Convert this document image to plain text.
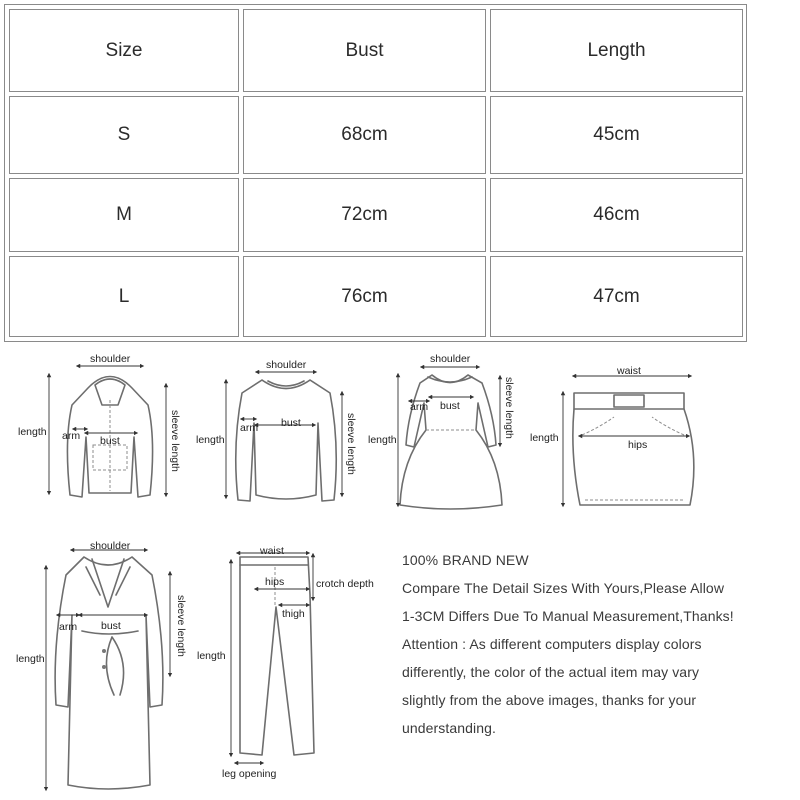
Size	Bust	Length
S	68cm	45cm
M	72cm	46cm
L	76cm	47cm
shoulder
length arm bust	sleeve length
shoulder
length
arm bust	sleeve length
shoulder
length
arm bust	sleeve length
waist
length
hips
shoulder
length
arm bust	sleeve length
waist
hips	crotch depth
thigh
length
leg opening

100% BRAND NEW

Compare The Detail Sizes With Yours,Please Allow

1-3CM Differs Due To Manual Measurement,Thanks!

Attention : As different computers display colors

differently, the color of the actual item may vary

slightly from the above images, thanks for your

understanding.
